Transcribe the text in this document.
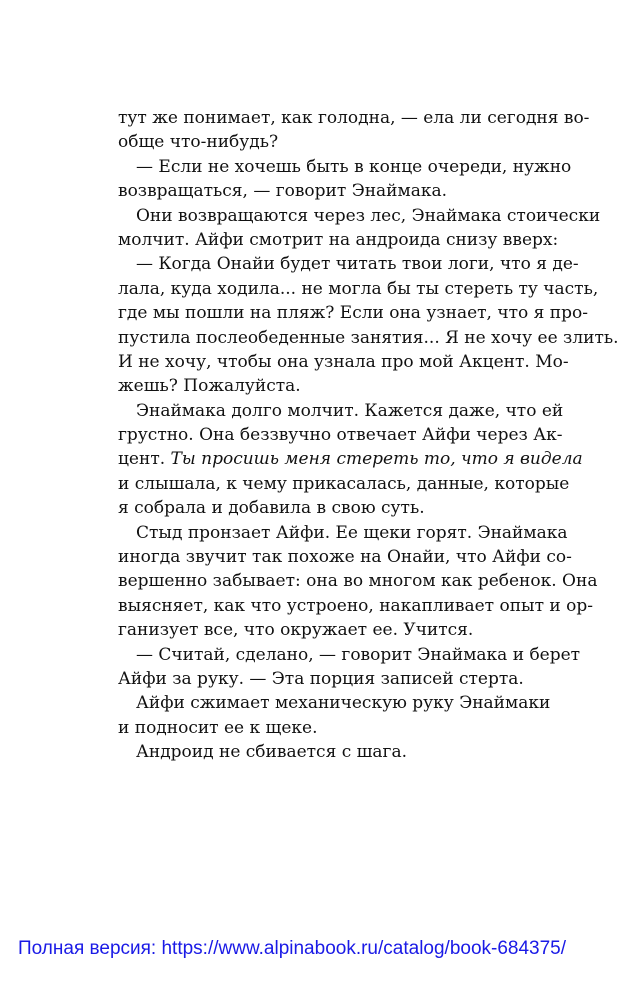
тут же понимает, как голодна, — ела ли сегодня во-
обще что-нибудь?
— Если не хочешь быть в конце очереди, нужно
возвращаться, — говорит Энаймака.
Они возвращаются через лес, Энаймака стоически
молчит. Айфи смотрит на андроида снизу вверх:
— Когда Онайи будет читать твои логи, что я де-
лала, куда ходила... не могла бы ты стереть ту часть,
где мы пошли на пляж? Если она узнает, что я про-
пустила послеобеденные занятия... Я не хочу ее злить.
И не хочу, чтобы она узнала про мой Акцент. Мо-
жешь? Пожалуйста.
Энаймака долго молчит. Кажется даже, что ей
грустно. Она беззвучно отвечает Айфи через Ак-
цент. Ты просишь меня стереть то, что я видела
и слышала, к чему прикасалась, данные, которые
я собрала и добавила в свою суть.
Стыд пронзает Айфи. Ее щеки горят. Энаймака
иногда звучит так похоже на Онайи, что Айфи со-
вершенно забывает: она во многом как ребенок. Она
выясняет, как что устроено, накапливает опыт и ор-
ганизует все, что окружает ее. Учится.
— Считай, сделано, — говорит Энаймака и берет
Айфи за руку. — Эта порция записей стерта.
Айфи сжимает механическую руку Энаймаки
и подносит ее к щеке.
Андроид не сбивается с шага.
Полная версия: https://www.alpinabook.ru/catalog/book-684375/
